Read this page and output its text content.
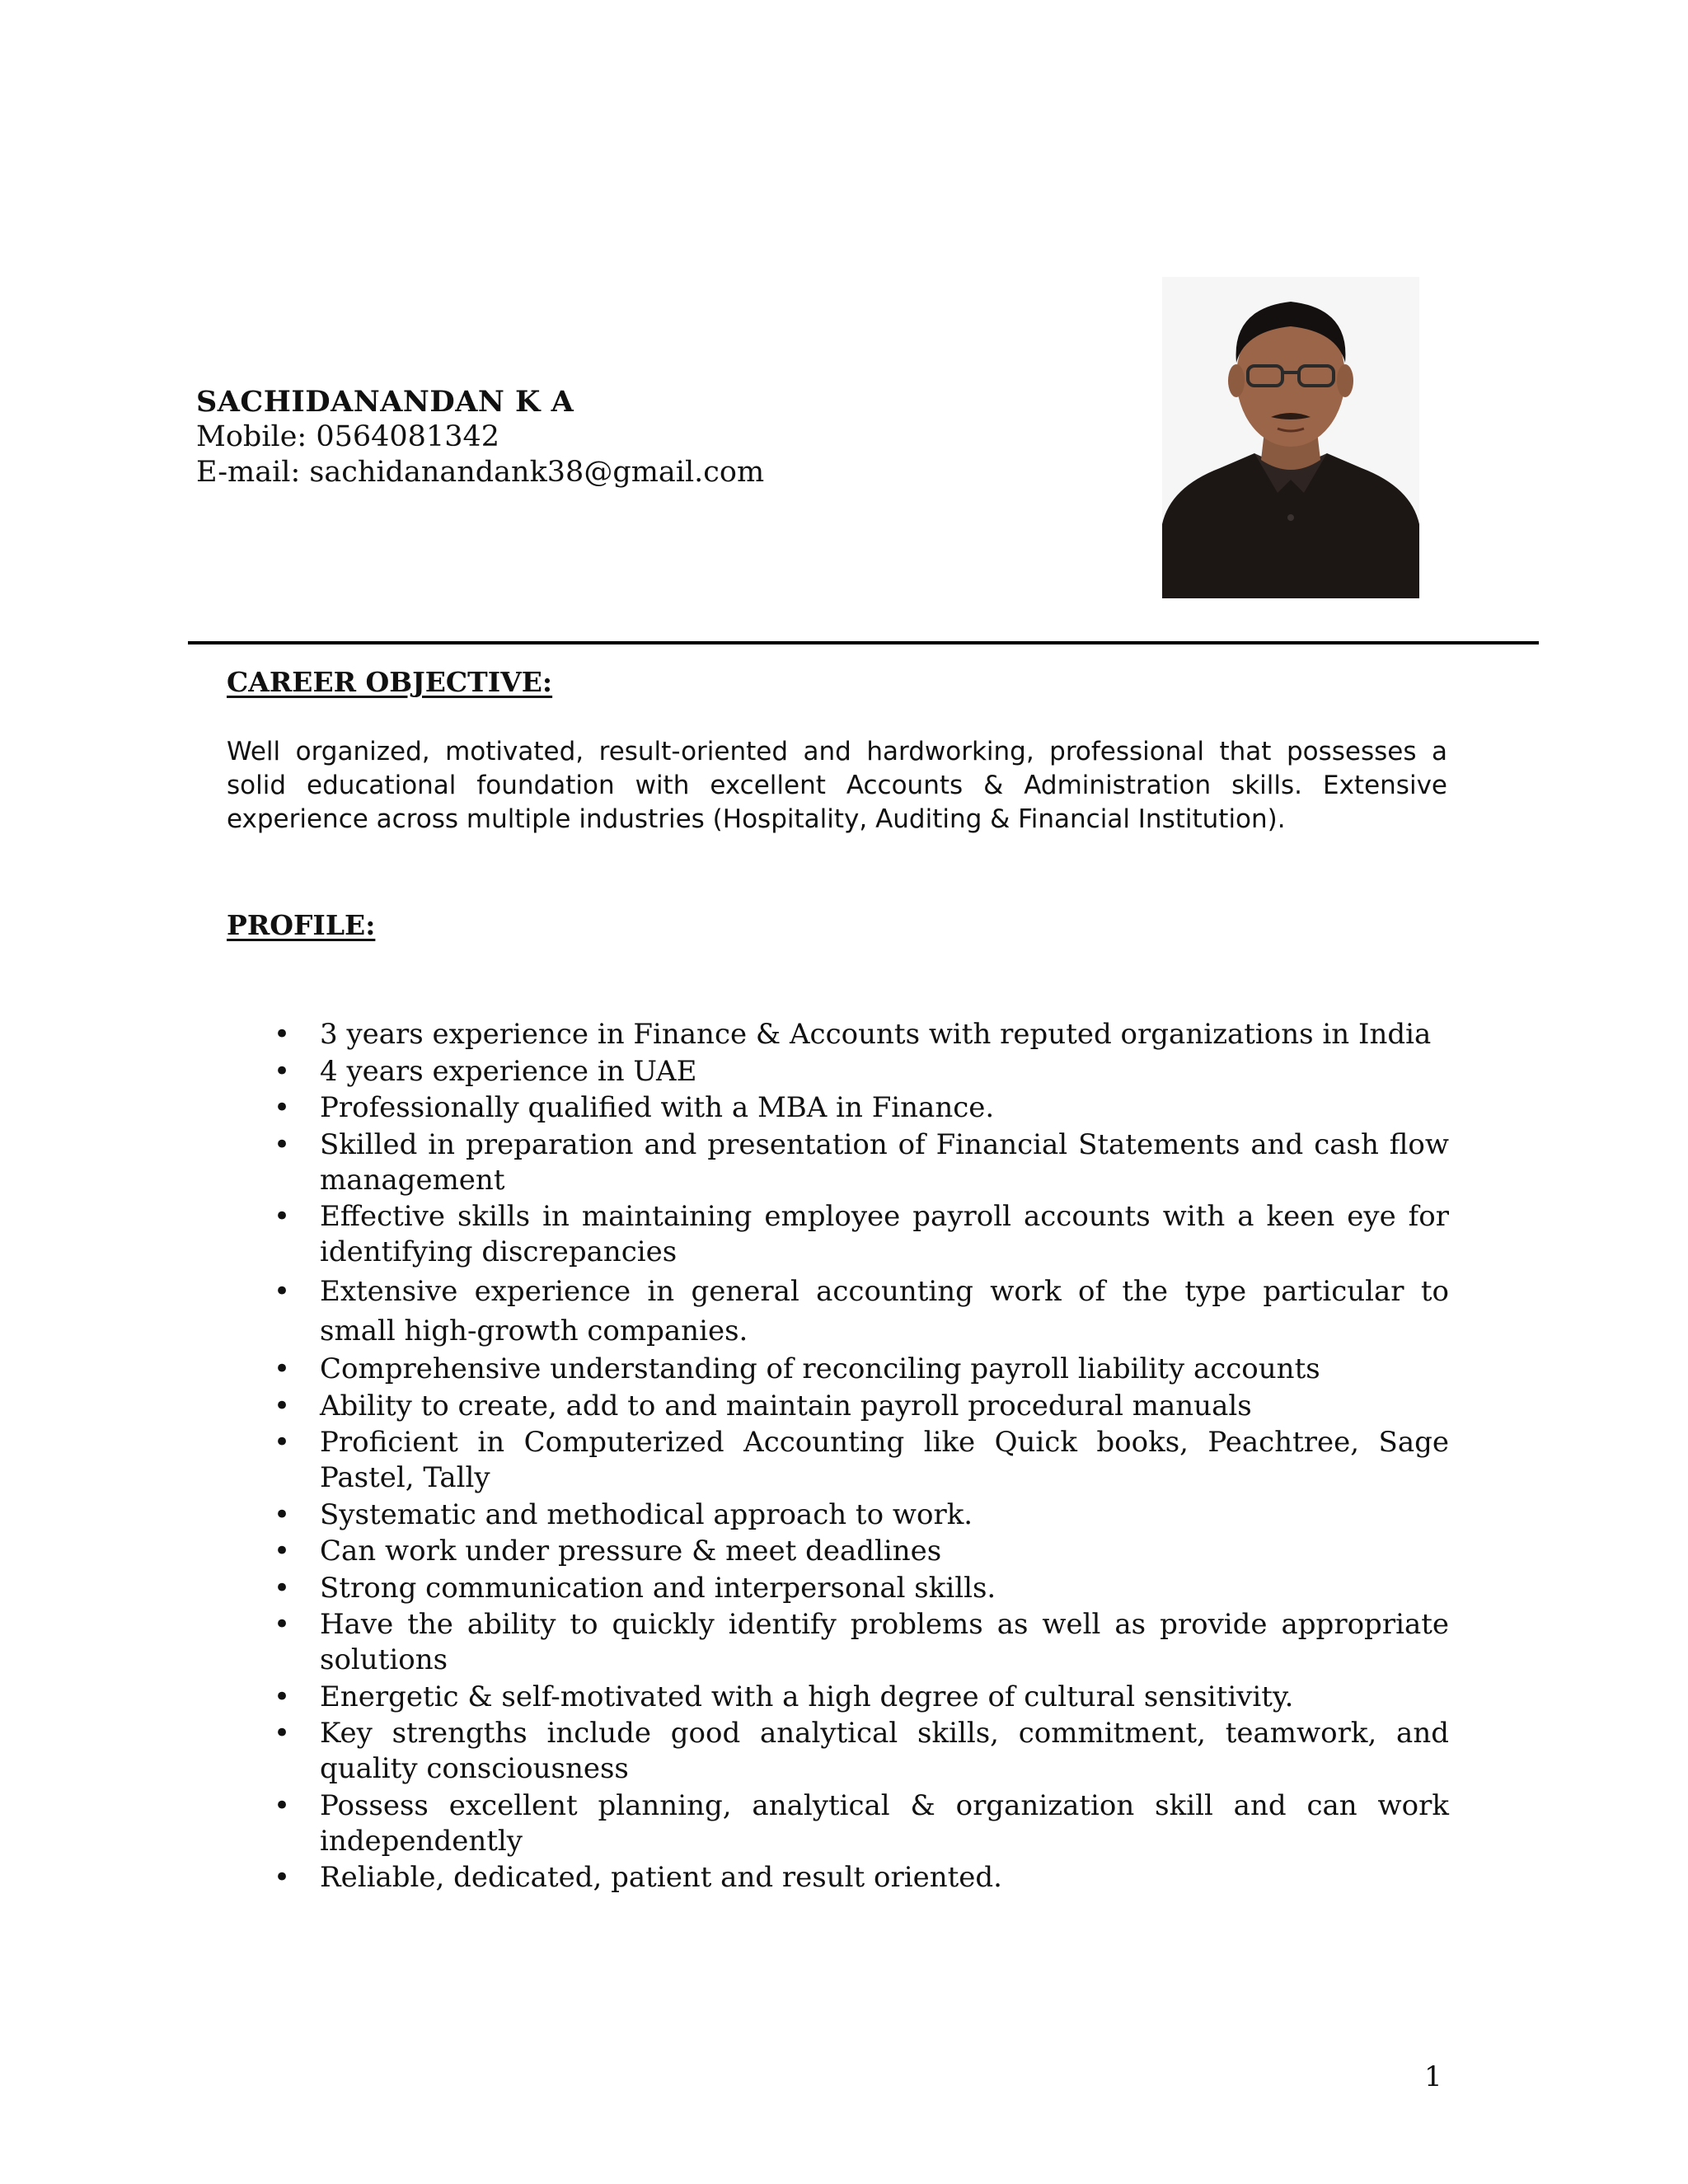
SACHIDANANDAN K A
Mobile: 0564081342
E-mail: sachidanandank38@gmail.com
CAREER OBJECTIVE:

Well organized, motivated, result-oriented and hardworking, professional that possesses a solid educational foundation with excellent Accounts & Administration skills. Extensive experience across multiple industries (Hospitality, Auditing & Financial Institution).

PROFILE:
• 3 years experience in Finance & Accounts with reputed organizations in India
• 4 years experience in UAE
• Professionally qualified with a MBA in Finance.
• Skilled in preparation and presentation of Financial Statements and cash flow management
• Effective skills in maintaining employee payroll accounts with a keen eye for identifying discrepancies
• Extensive experience in general accounting work of the type particular to small high-growth companies.
• Comprehensive understanding of reconciling payroll liability accounts
• Ability to create, add to and maintain payroll procedural manuals
• Proficient in Computerized Accounting like Quick books, Peachtree, Sage Pastel, Tally
• Systematic and methodical approach to work.
• Can work under pressure & meet deadlines
• Strong communication and interpersonal skills.
• Have the ability to quickly identify problems as well as provide appropriate solutions
• Energetic & self-motivated with a high degree of cultural sensitivity.
• Key strengths include good analytical skills, commitment, teamwork, and quality consciousness
• Possess excellent planning, analytical & organization skill and can work independently
• Reliable, dedicated, patient and result oriented.
1
